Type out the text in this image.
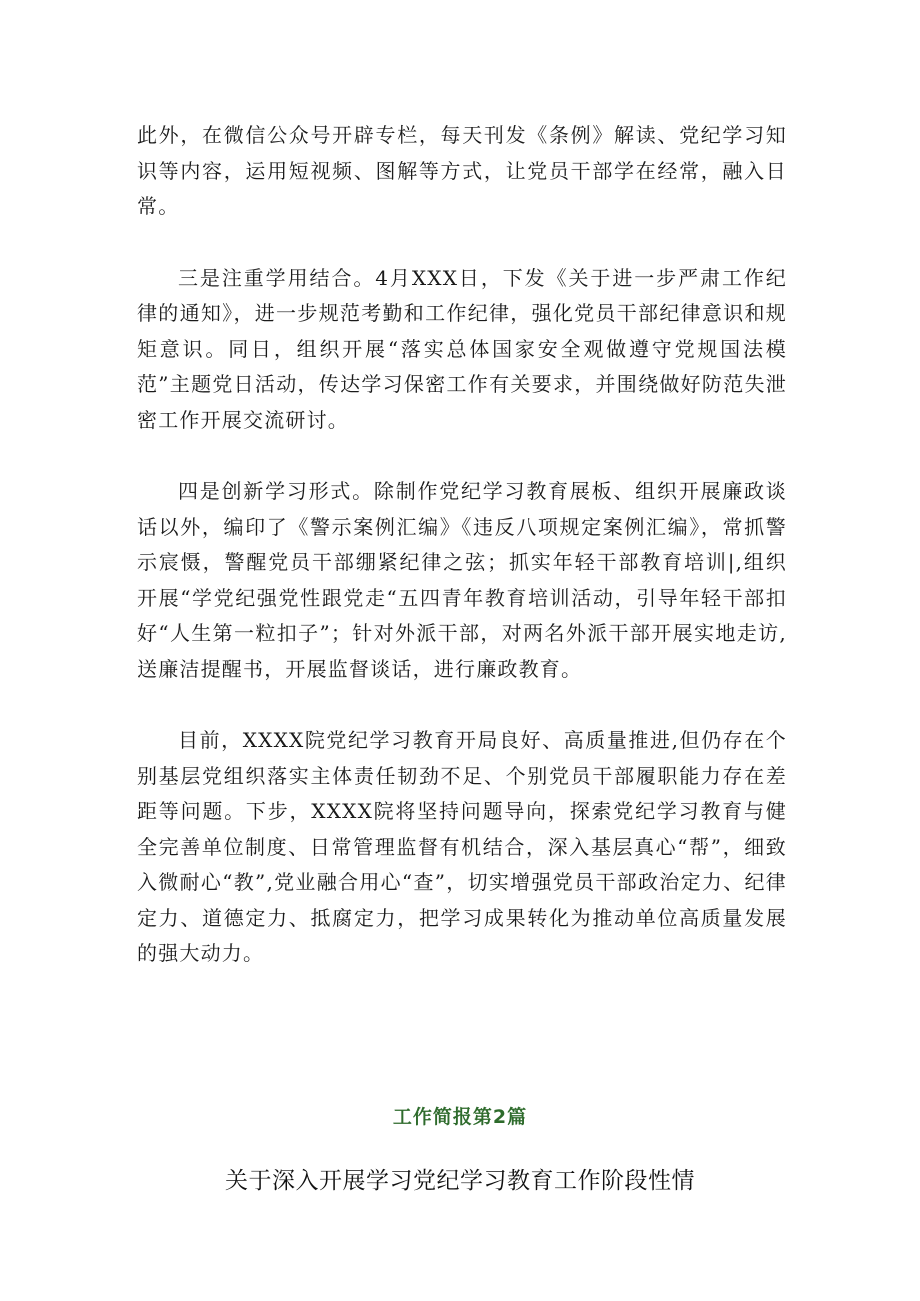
此外，在微信公众号开辟专栏，每天刊发《条例》解读、党纪学习知识等内容，运用短视频、图解等方式，让党员干部学在经常，融入日常。

三是注重学用结合。4月XXX日，下发《关于进一步严肃工作纪律的通知》，进一步规范考勤和工作纪律，强化党员干部纪律意识和规矩意识。同日，组织开展“落实总体国家安全观做遵守党规国法模范”主题党日活动，传达学习保密工作有关要求，并围绕做好防范失泄密工作开展交流研讨。

四是创新学习形式。除制作党纪学习教育展板、组织开展廉政谈话以外，编印了《警示案例汇编》《违反八项规定案例汇编》，常抓警示宸慑，警醒党员干部绷紧纪律之弦；抓实年轻干部教育培训|,组织开展“学党纪强党性跟党走“五四青年教育培训活动，引导年轻干部扣好“人生第一粒扣子”；针对外派干部，对两名外派干部开展实地走访,送廉洁提醒书，开展监督谈话，进行廉政教育。

目前，XXXX院党纪学习教育开局良好、高质量推进,但仍存在个别基层党组织落实主体责任韧劲不足、个别党员干部履职能力存在差距等问题。下步，XXXX院将坚持问题导向，探索党纪学习教育与健全完善单位制度、日常管理监督有机结合，深入基层真心“帮”，细致入微耐心“教”,党业融合用心“查”，切实增强党员干部政治定力、纪律定力、道德定力、抵腐定力，把学习成果转化为推动单位高质量发展的强大动力。

工作简报第2篇
关于深入开展学习党纪学习教育工作阶段性情
